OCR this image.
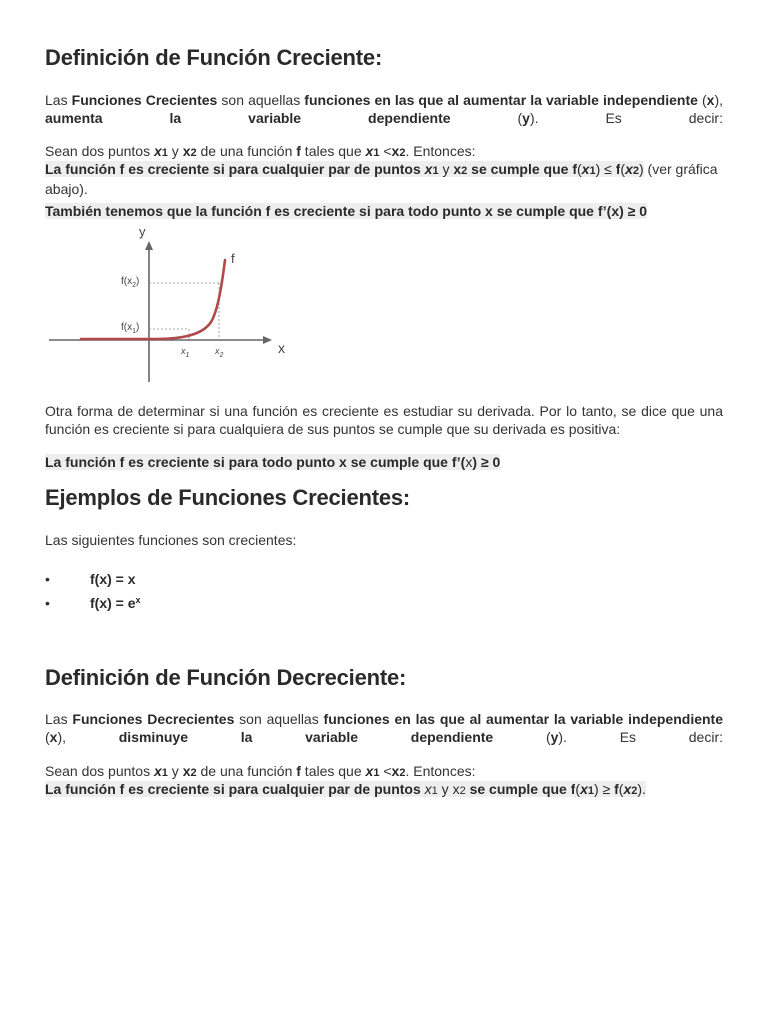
Definición de Función Creciente:

Las Funciones Crecientes son aquellas funciones en las que al aumentar la variable independiente (x), aumenta la variable dependiente (y). Es decir:

Sean dos puntos x1 y x2 de una función f tales que x1 <x2. Entonces:

La función f es creciente si para cualquier par de puntos x1 y x2 se cumple que f(x1) ≤ f(x2) (ver gráfica abajo).

También tenemos que la función f es creciente si para todo punto x se cumple que f’(x) ≥ 0

y
x
f
$f(x_2)$
$f(x_1)$
$x_1$	$x_2$

Otra forma de determinar si una función es creciente es estudiar su derivada. Por lo tanto, se dice que una función es creciente si para cualquiera de sus puntos se cumple que su derivada es positiva:

La función f es creciente si para todo punto x se cumple que f’(x) ≥ 0

Ejemplos de Funciones Crecientes:

Las siguientes funciones son crecientes:

•	f(x) = x
•	$f(x) = e^x$
Definición de Función Decreciente:

Las Funciones Decrecientes son aquellas funciones en las que al aumentar la variable independiente (x), disminuye la variable dependiente (y). Es decir:

Sean dos puntos x1 y x2 de una función f tales que x1 <x2. Entonces:

La función f es creciente si para cualquier par de puntos x1 y x2 se cumple que f(x1) ≥ f(x2).
